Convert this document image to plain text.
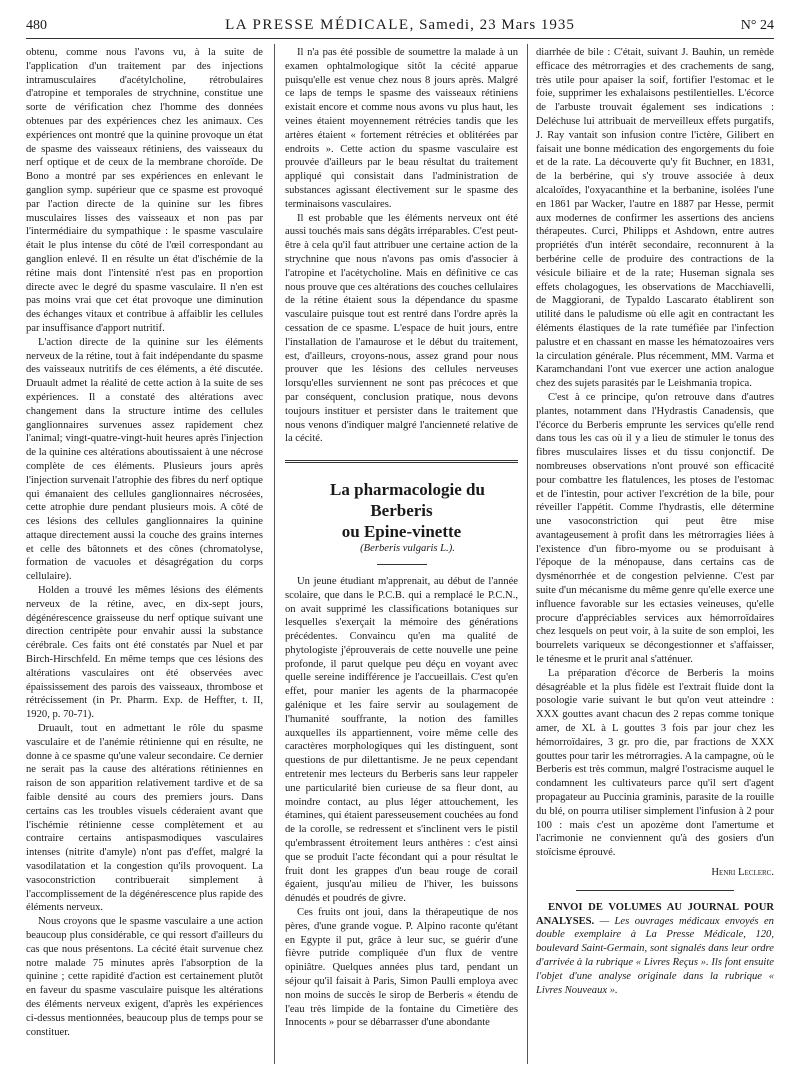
480	LA PRESSE MÉDICALE, Samedi, 23 Mars 1935	N° 24

obtenu, comme nous l'avons vu, à la suite de l'application d'un traitement par des injections intramusculaires d'acétylcholine, rétrobulaires d'atropine et temporales de strychnine, constitue une sorte de vérification chez l'homme des données obtenues par des expériences chez les animaux. Ces expériences ont montré que la quinine provoque un état de spasme des vaisseaux rétiniens, des vaisseaux du nerf optique et de ceux de la membrane choroïde. De Bono a montré par ses expériences en enlevant le ganglion symp. supérieur que ce spasme est provoqué par l'action directe de la quinine sur les fibres musculaires lisses des vaisseaux et non pas par l'intermédiaire du sympathique : le spasme vasculaire était le plus intense du côté de l'œil correspondant au ganglion enlevé. Il en résulte un état d'ischémie de la rétine mais dont l'intensité n'est pas en proportion directe avec le degré du spasme vasculaire. Il n'en est pas moins vrai que cet état provoque une diminution des échanges vitaux et contribue à affaiblir les cellules par insuffisance d'apport nutritif.

L'action directe de la quinine sur les éléments nerveux de la rétine, tout à fait indépendante du spasme des vaisseaux nutritifs de ces éléments, a été discutée. Druault admet la réalité de cette action à la suite de ses expériences. Il a constaté des altérations avec changement dans la structure intime des cellules ganglionnaires survenues assez rapidement chez l'animal; vingt-quatre-vingt-huit heures après l'injection de la quinine ces altérations aboutissaient à une nécrose complète de ces éléments. Plusieurs jours après l'injection survenait l'atrophie des fibres du nerf optique qui émanaient des cellules ganglionnaires nécrosées, cette atrophie dure pendant plusieurs mois. A côté de ces lésions des cellules ganglionnaires la quinine attaque directement aussi la couche des grains internes et celle des bâtonnets et des cônes (chromatolyse, formation de vacuoles et désagrégation du corps cellulaire).

Holden a trouvé les mêmes lésions des éléments nerveux de la rétine, avec, en dix-sept jours, dégénérescence graisseuse du nerf optique suivant une direction centripète pour envahir aussi la substance cérébrale. Ces faits ont été constatés par Nuel et par Birch-Hirschfeld. En même temps que ces lésions des altérations vasculaires ont été observées avec épaississement des parois des vaisseaux, thrombose et rétrécissement (in Pr. Pharm. Exp. de Heffter, t. II, 1920, p. 70-71).

Druault, tout en admettant le rôle du spasme vasculaire et de l'anémie rétinienne qui en résulte, ne donne à ce spasme qu'une valeur secondaire. Ce dernier ne serait pas la cause des altérations rétiniennes en raison de son apparition relativement tardive et de sa faible densité au cours des premiers jours. Dans certains cas les troubles visuels céderaient avant que l'ischémie rétinienne cesse complètement et au contraire certains antispasmodiques vasculaires intenses (nitrite d'amyle) n'ont pas d'effet, malgré la vasodilatation et la congestion qu'ils provoquent. La vasoconstriction contribuerait simplement à l'accomplissement de la dégénérescence plus rapide des éléments nerveux.

Nous croyons que le spasme vasculaire a une action beaucoup plus considérable, ce qui ressort d'ailleurs du cas que nous présentons. La cécité était survenue chez notre malade 75 minutes après l'absorption de la quinine ; cette rapidité d'action est certainement plutôt en faveur du spasme vasculaire puisque les altérations des éléments nerveux exigent, d'après les expériences ci-dessus mentionnées, beaucoup plus de temps pour se constituer.

Il n'a pas été possible de soumettre la malade à un examen ophtalmologique sitôt la cécité apparue puisqu'elle est venue chez nous 8 jours après. Malgré ce laps de temps le spasme des vaisseaux rétiniens existait encore et comme nous avons vu plus haut, les veines étaient moyennement rétrécies tandis que les artères étaient « fortement rétrécies et oblitérées par endroits ». Cette action du spasme vasculaire est prouvée d'ailleurs par le beau résultat du traitement appliqué qui consistait dans l'administration de substances agissant électivement sur le spasme des terminaisons vasculaires.

Il est probable que les éléments nerveux ont été aussi touchés mais sans dégâts irréparables. C'est peut-être à cela qu'il faut attribuer une certaine action de la strychnine que nous n'avons pas omis d'associer à l'atropine et l'acétycholine. Mais en définitive ce cas nous prouve que ces altérations des couches cellulaires de la rétine étaient sous la dépendance du spasme vasculaire puisque tout est rentré dans l'ordre après la cessation de ce spasme. L'espace de huit jours, entre l'installation de l'amaurose et le début du traitement, est, d'ailleurs, croyons-nous, assez grand pour nous prouver que les lésions des cellules nerveuses lorsqu'elles surviennent ne sont pas précoces et que par conséquent, conclusion pratique, nous devons toujours instituer et persister dans le traitement que nous venons d'indiquer malgré l'ancienneté relative de la cécité.

La pharmacologie du Berberis
ou Epine-vinette

(Berberis vulgaris L.).

Un jeune étudiant m'apprenait, au début de l'année scolaire, que dans le P.C.B. qui a remplacé le P.C.N., on avait supprimé les classifications botaniques sur lesquelles s'exerçait la mémoire des générations précédentes. Convaincu qu'en ma qualité de phytologiste j'éprouverais de cette nouvelle une peine profonde, il parut quelque peu déçu en voyant avec quelle sereine indifférence je l'accueillais. C'est qu'en effet, pour manier les agents de la pharmacopée galénique et les faire servir au soulagement de l'humanité souffrante, la notion des familles auxquelles ils appartiennent, voire même celle des caractères morphologiques qui les distinguent, sont questions de pur dilettantisme. Je ne peux cependant entretenir mes lecteurs du Berberis sans leur rappeler une particularité bien curieuse de sa fleur dont, au moindre contact, au plus léger attouchement, les étamines, qui étaient paresseusement couchées au fond de la corolle, se redressent et s'inclinent vers le pistil qu'embrassent étroitement leurs anthères : c'est ainsi que se produit l'acte fécondant qui a pour résultat le fruit dont les grappes d'un beau rouge de corail égaient, jusqu'au milieu de l'hiver, les buissons dénudés et poudrés de givre.

Ces fruits ont joui, dans la thérapeutique de nos pères, d'une grande vogue. P. Alpino raconte qu'étant en Egypte il put, grâce à leur suc, se guérir d'une fièvre putride compliquée d'un flux de ventre opiniâtre. Quelques années plus tard, pendant un séjour qu'il faisait à Paris, Simon Paulli employa avec non moins de succès le sirop de Berberis « étendu de l'eau très limpide de la fontaine du Cimetière des Innocents » pour se débarrasser d'une abondante

diarrhée de bile : C'était, suivant J. Bauhin, un remède efficace des métrorragies et des crachements de sang, très utile pour apaiser la soif, fortifier l'estomac et le foie, supprimer les exhalaisons pestilentielles. L'écorce de l'arbuste trouvait également ses indications : Deléchuse lui attribuait de merveilleux effets purgatifs, J. Ray vantait son infusion contre l'ictère, Gilibert en faisait une bonne médication des engorgements du foie et de la rate. La découverte qu'y fit Buchner, en 1831, de la berbérine, qui s'y trouve associée à deux alcaloïdes, l'oxyacanthine et la berbanine, isolées l'une en 1861 par Wacker, l'autre en 1887 par Hesse, permit aux modernes de confirmer les assertions des anciens thérapeutes. Curci, Philipps et Ashdown, entre autres propriétés d'un intérêt secondaire, reconnurent à la berbérine celle de produire des contractions de la vésicule biliaire et de la rate; Huseman signala ses effets cholagogues, les observations de Macchiavelli, de Maggiorani, de Typaldo Lascarato établirent son utilité dans le paludisme où elle agit en contractant les éléments élastiques de la rate tuméfiée par l'infection palustre et en chassant en masse les hématozoaires vers la circulation générale. Plus récemment, MM. Varma et Karamchandani l'ont vue exercer une action analogue chez des sujets parasités par le Leishmania tropica.

C'est à ce principe, qu'on retrouve dans d'autres plantes, notamment dans l'Hydrastis Canadensis, que l'écorce du Berberis emprunte les services qu'elle rend dans tous les cas où il y a lieu de stimuler le tonus des fibres musculaires lisses et du tissu conjonctif. De nombreuses observations n'ont prouvé son efficacité pour combattre les flatulences, les ptoses de l'estomac et de l'intestin, pour activer l'excrétion de la bile, pour réveiller l'appétit. Comme l'hydrastis, elle détermine une vasoconstriction qui peut être mise avantageusement à profit dans les métrorragies liées à l'existence d'un fibro-myome ou se produisant à l'époque de la ménopause, dans certains cas de dysménorrhée et de congestion pelvienne. C'est par suite d'un mécanisme du même genre qu'elle exerce une influence favorable sur les ectasies veineuses, qu'elle procure d'appréciables services aux hémorroïdaires chez lesquels on peut voir, à la suite de son emploi, les bourrelets variqueux se décongestionner et s'affaisser, le ténesme et le prurit anal s'atténuer.

La préparation d'écorce de Berberis la moins désagréable et la plus fidèle est l'extrait fluide dont la posologie varie suivant le but qu'on veut atteindre : XXX gouttes avant chacun des 2 repas comme tonique amer, de XL à L gouttes 3 fois par jour chez les hémorroïdaires, 3 gr. pro die, par fractions de XXX gouttes pour tarir les métrorragies. A la campagne, où le Berberis est très commun, malgré l'ostracisme auquel le condamnent les cultivateurs parce qu'il sert d'agent propagateur au Puccinia graminis, parasite de la rouille du blé, on pourra utiliser simplement l'infusion à 2 pour 100 : mais c'est un apozème dont l'amertume et l'acrimonie ne conviennent qu'à des gosiers d'un stoïcisme éprouvé.

Henri Leclerc.

ENVOI DE VOLUMES AU JOURNAL POUR ANALYSES. — Les ouvrages médicaux envoyés en double exemplaire à La Presse Médicale, 120, boulevard Saint-Germain, sont signalés dans leur ordre d'arrivée à la rubrique « Livres Reçus ». Ils font ensuite l'objet d'une analyse originale dans la rubrique « Livres Nouveaux ».
